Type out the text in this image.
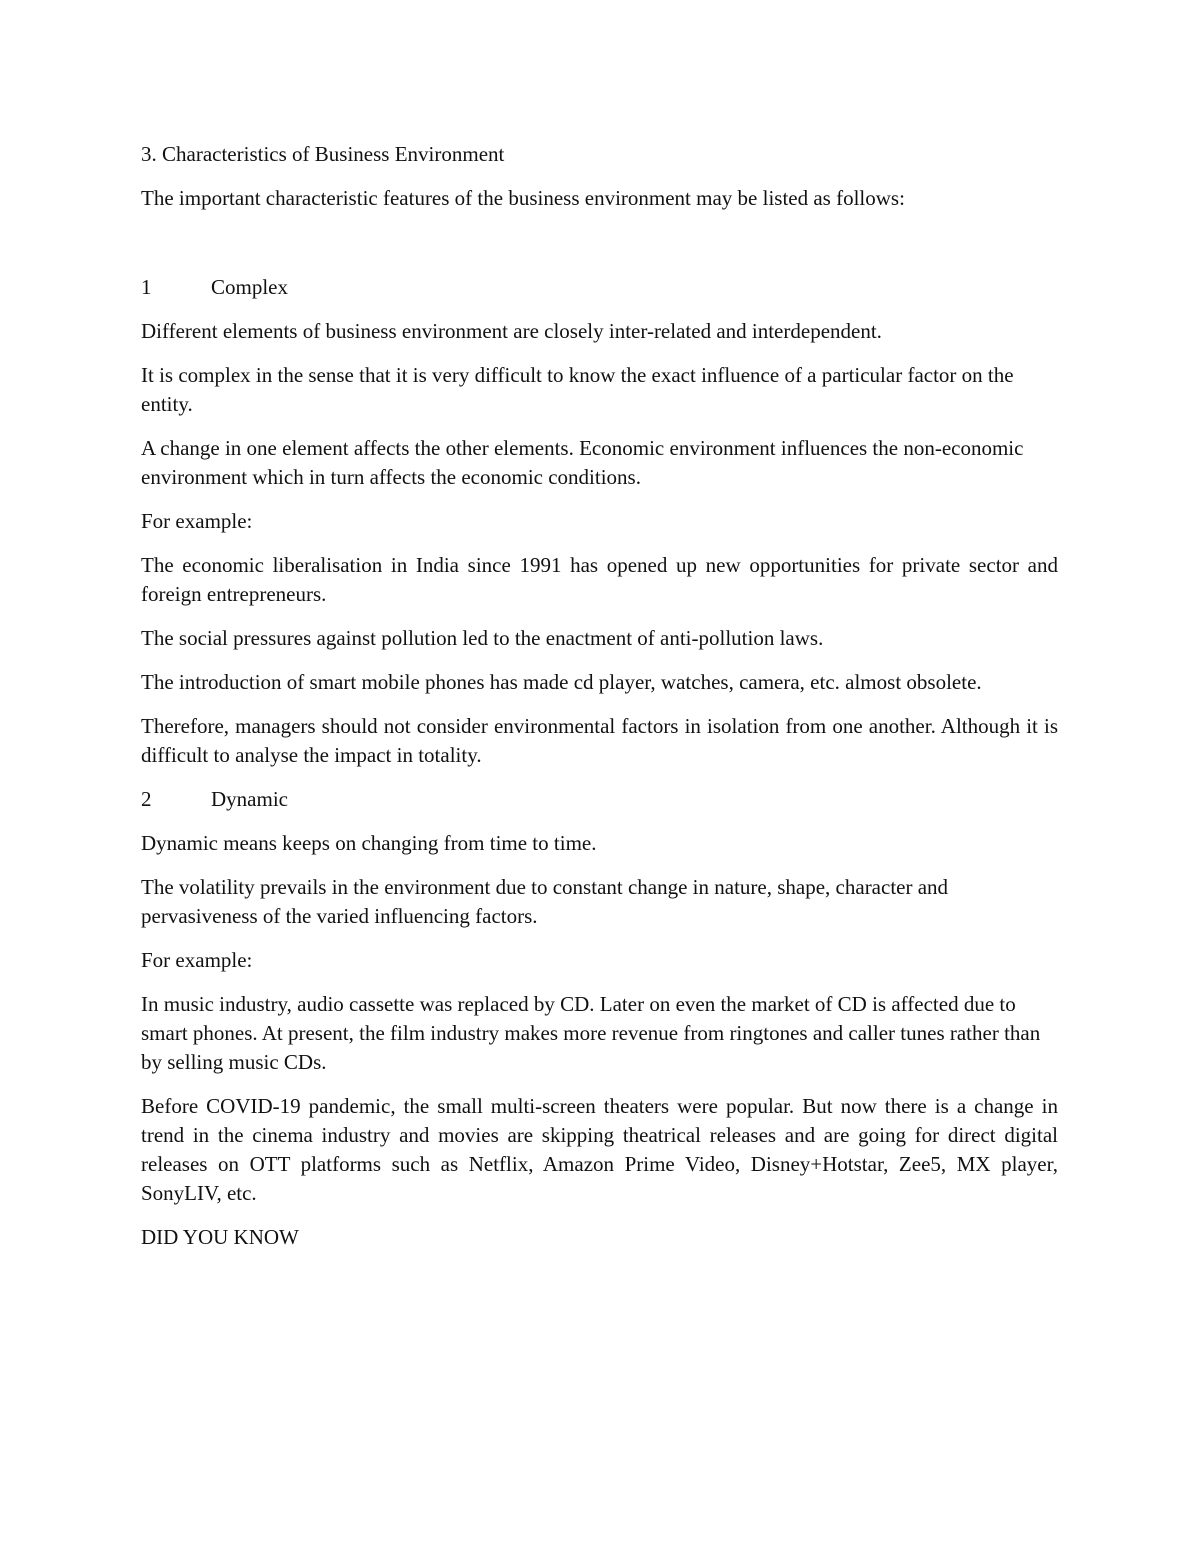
3. Characteristics of Business Environment

The important characteristic features of the business environment may be listed as follows:

1	Complex

Different elements of business environment are closely inter-related and interdependent.

It is complex in the sense that it is very difficult to know the exact influence of a particular factor on the entity.

A change in one element affects the other elements. Economic environment influences the non-economic environment which in turn affects the economic conditions.

For example:

The economic liberalisation in India since 1991 has opened up new opportunities for private sector and foreign entrepreneurs.

The social pressures against pollution led to the enactment of anti-pollution laws.

The introduction of smart mobile phones has made cd player, watches, camera, etc. almost obsolete.

Therefore, managers should not consider environmental factors in isolation from one another. Although it is difficult to analyse the impact in totality.

2	Dynamic

Dynamic means keeps on changing from time to time.

The volatility prevails in the environment due to constant change in nature, shape, character and pervasiveness of the varied influencing factors.

For example:

In music industry, audio cassette was replaced by CD. Later on even the market of CD is affected due to smart phones. At present, the film industry makes more revenue from ringtones and caller tunes rather than by selling music CDs.

Before COVID-19 pandemic, the small multi-screen theaters were popular. But now there is a change in trend in the cinema industry and movies are skipping theatrical releases and are going for direct digital releases on OTT platforms such as Netflix, Amazon Prime Video, Disney+Hotstar, Zee5, MX player, SonyLIV, etc.

DID YOU KNOW
